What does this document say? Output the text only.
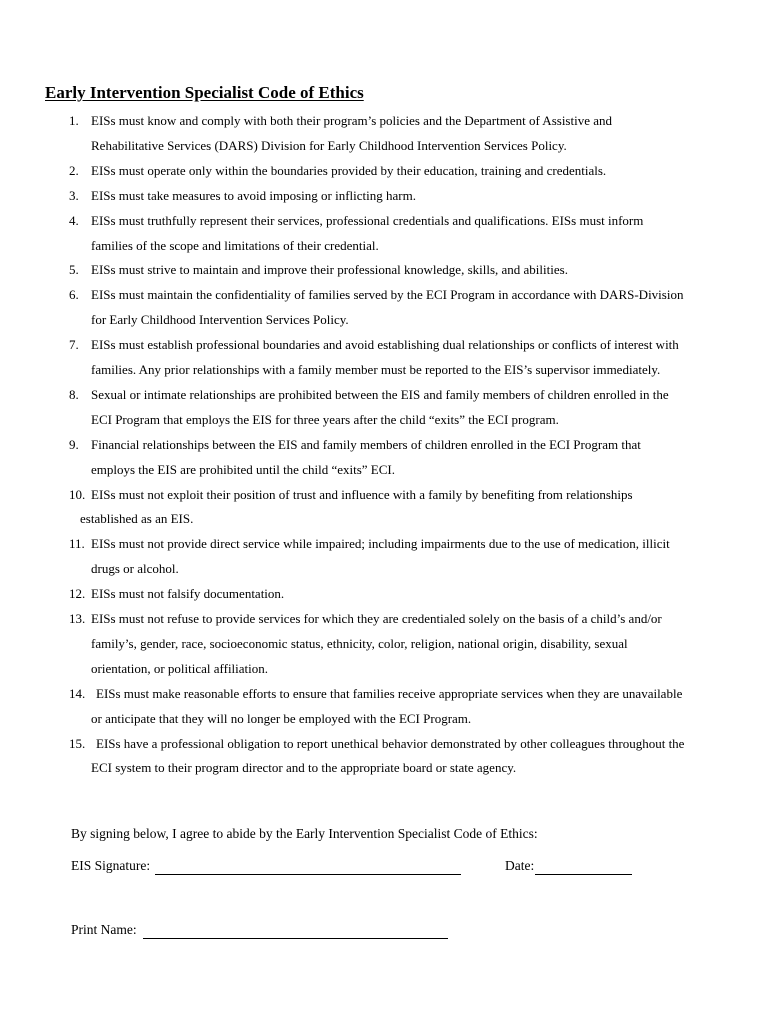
Early Intervention Specialist Code of Ethics
1. EISs must know and comply with both their program’s policies and the Department of Assistive and
Rehabilitative Services (DARS) Division for Early Childhood Intervention Services Policy.
2. EISs must operate only within the boundaries provided by their education, training and credentials.
3. EISs must take measures to avoid imposing or inflicting harm.
4. EISs must truthfully represent their services, professional credentials and qualifications. EISs must inform
families of the scope and limitations of their credential.
5. EISs must strive to maintain and improve their professional knowledge, skills, and abilities.
6. EISs must maintain the confidentiality of families served by the ECI Program in accordance with DARS-Division
for Early Childhood Intervention Services Policy.
7. EISs must establish professional boundaries and avoid establishing dual relationships or conflicts of interest with
families. Any prior relationships with a family member must be reported to the EIS’s supervisor immediately.
8. Sexual or intimate relationships are prohibited between the EIS and family members of children enrolled in the
ECI Program that employs the EIS for three years after the child “exits” the ECI program.
9. Financial relationships between the EIS and family members of children enrolled in the ECI Program that
employs the EIS are prohibited until the child “exits” ECI.
10. EISs must not exploit their position of trust and influence with a family by benefiting from relationships
established as an EIS.
11. EISs must not provide direct service while impaired; including impairments due to the use of medication, illicit
drugs or alcohol.
12. EISs must not falsify documentation.
13. EISs must not refuse to provide services for which they are credentialed solely on the basis of a child’s and/or
family’s, gender, race, socioeconomic status, ethnicity, color, religion, national origin, disability, sexual
orientation, or political affiliation.
14. EISs must make reasonable efforts to ensure that families receive appropriate services when they are unavailable
or anticipate that they will no longer be employed with the ECI Program.
15. EISs have a professional obligation to report unethical behavior demonstrated by other colleagues throughout the
ECI system to their program director and to the appropriate board or state agency.
By signing below, I agree to abide by the Early Intervention Specialist Code of Ethics:
EIS Signature:	Date:
Print Name:
